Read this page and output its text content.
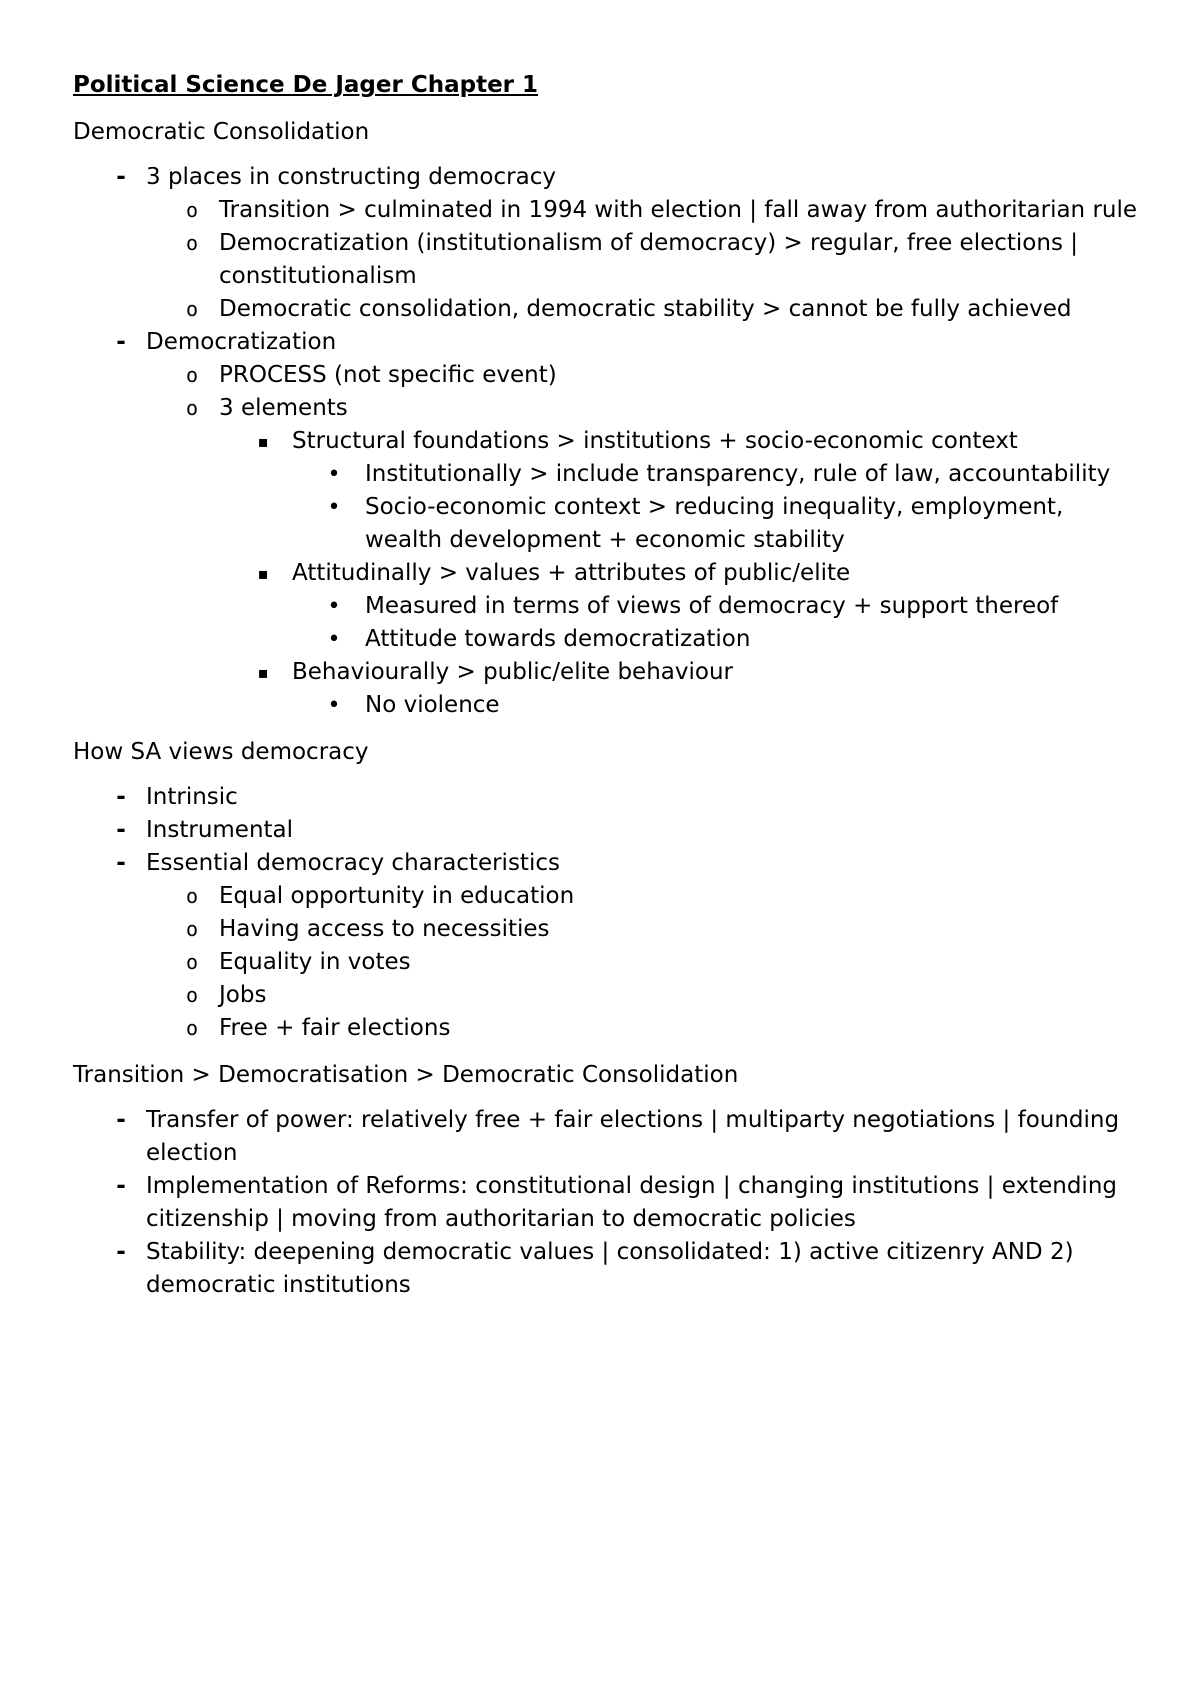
Political Science De Jager Chapter 1
Democratic Consolidation
- 3 places in constructing democracy
o Transition > culminated in 1994 with election | fall away from authoritarian rule
o Democratization (institutionalism of democracy) > regular, free elections | constitutionalism
o Democratic consolidation, democratic stability > cannot be fully achieved
- Democratization
o PROCESS (not specific event)
o 3 elements
▪ Structural foundations > institutions + socio-economic context
• Institutionally > include transparency, rule of law, accountability
• Socio-economic context > reducing inequality, employment, wealth development + economic stability
▪ Attitudinally > values + attributes of public/elite
• Measured in terms of views of democracy + support thereof
• Attitude towards democratization
▪ Behaviourally > public/elite behaviour
• No violence
How SA views democracy
- Intrinsic
- Instrumental
- Essential democracy characteristics
o Equal opportunity in education
o Having access to necessities
o Equality in votes
o Jobs
o Free + fair elections
Transition > Democratisation > Democratic Consolidation
- Transfer of power: relatively free + fair elections | multiparty negotiations | founding election
- Implementation of Reforms: constitutional design | changing institutions | extending citizenship | moving from authoritarian to democratic policies
- Stability: deepening democratic values | consolidated: 1) active citizenry AND 2) democratic institutions
